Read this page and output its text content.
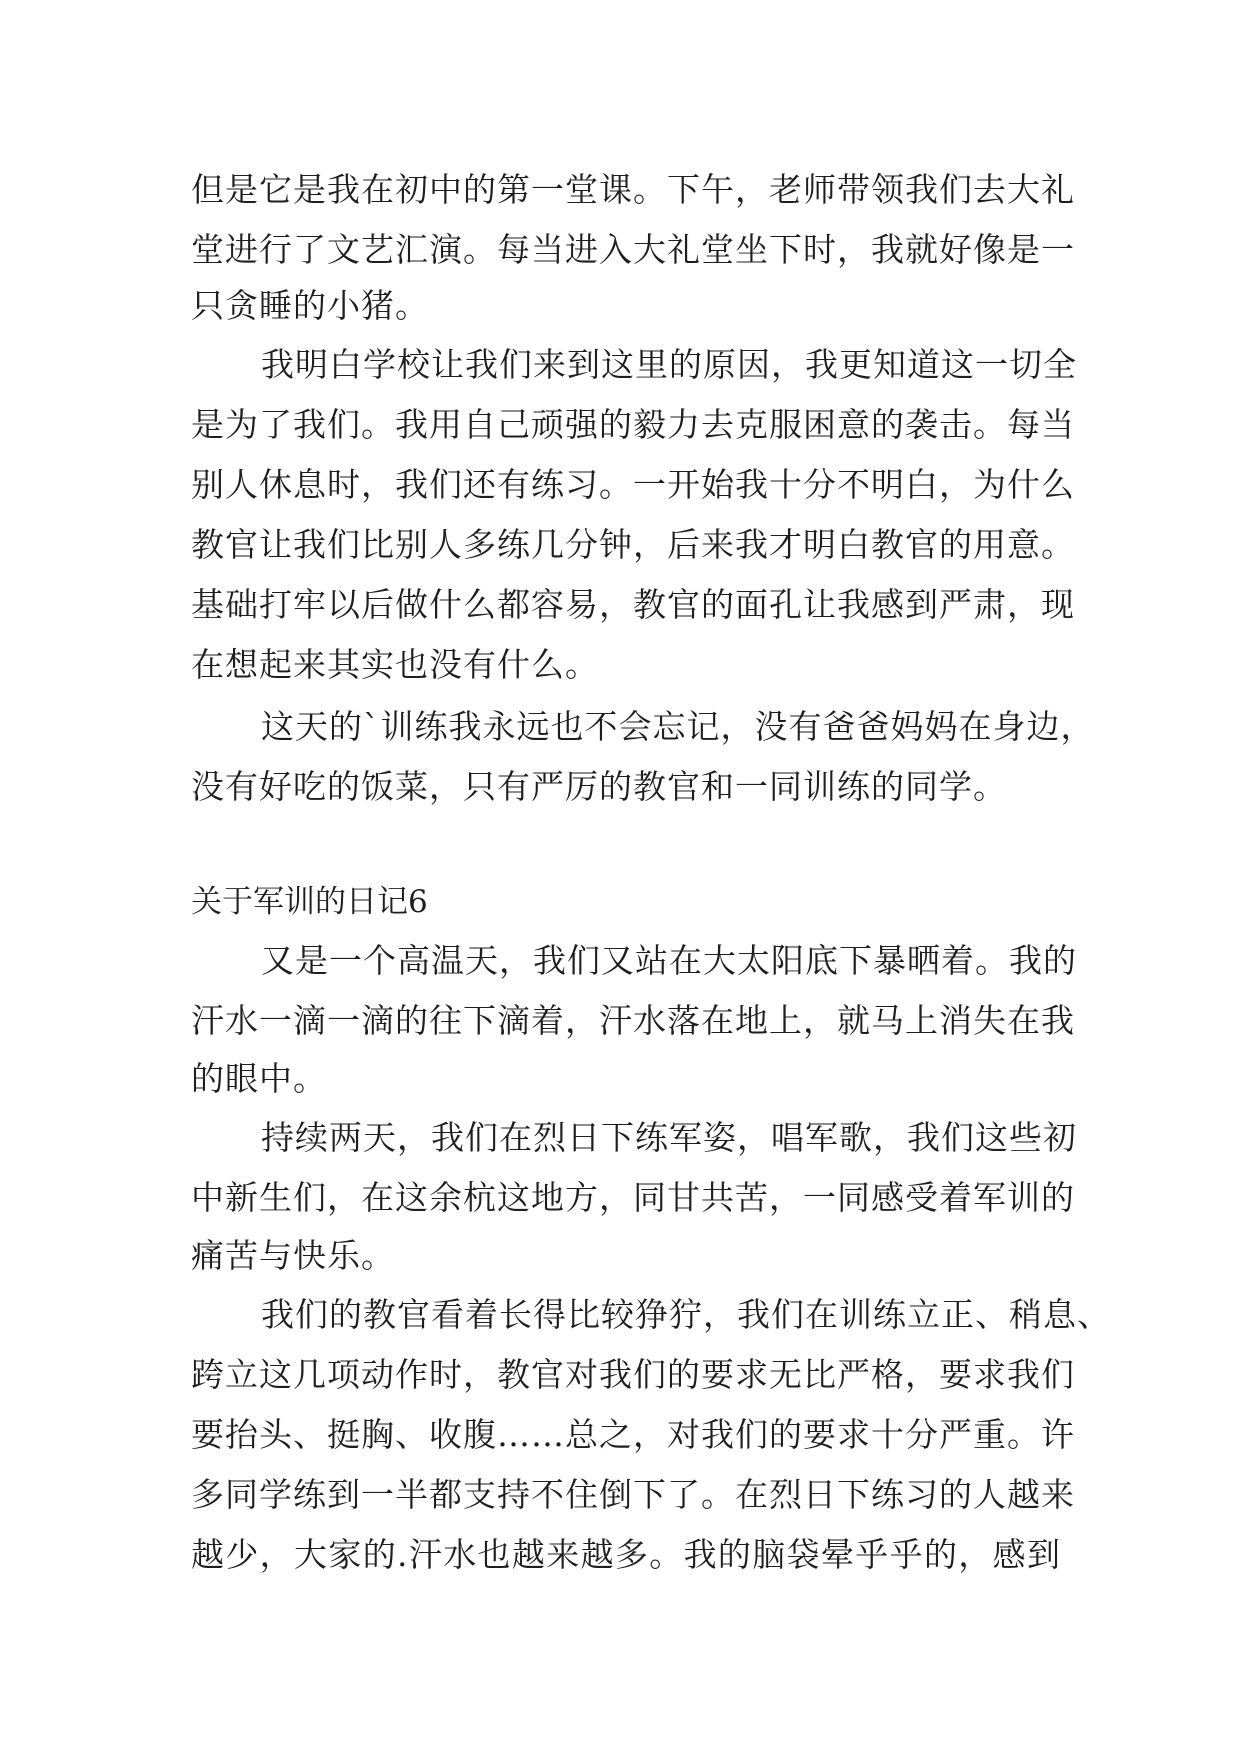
但是它是我在初中的第一堂课。下午，老师带领我们去大礼
堂进行了文艺汇演。每当进入大礼堂坐下时，我就好像是一
只贪睡的小猪。
我明白学校让我们来到这里的原因，我更知道这一切全
是为了我们。我用自己顽强的毅力去克服困意的袭击。每当
别人休息时，我们还有练习。一开始我十分不明白，为什么
教官让我们比别人多练几分钟，后来我才明白教官的用意。
基础打牢以后做什么都容易，教官的面孔让我感到严肃，现
在想起来其实也没有什么。
这天的`训练我永远也不会忘记，没有爸爸妈妈在身边，
没有好吃的饭菜，只有严厉的教官和一同训练的同学。
关于军训的日记6
又是一个高温天，我们又站在大太阳底下暴晒着。我的
汗水一滴一滴的往下滴着，汗水落在地上，就马上消失在我
的眼中。
持续两天，我们在烈日下练军姿，唱军歌，我们这些初
中新生们，在这余杭这地方，同甘共苦，一同感受着军训的
痛苦与快乐。
我们的教官看着长得比较狰狞，我们在训练立正、稍息、
跨立这几项动作时，教官对我们的要求无比严格，要求我们
要抬头、挺胸、收腹……总之，对我们的要求十分严重。许
多同学练到一半都支持不住倒下了。在烈日下练习的人越来
越少，大家的.汗水也越来越多。我的脑袋晕乎乎的，感到
